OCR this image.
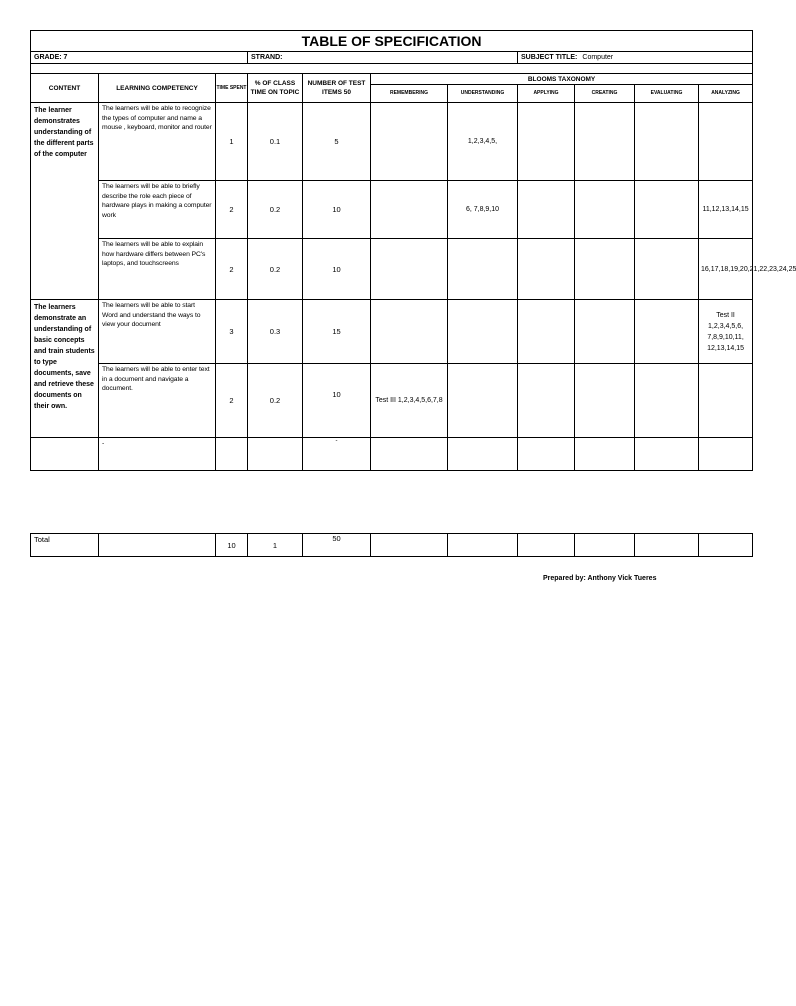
TABLE OF SPECIFICATION										
GRADE: 7			STRAND:				SUBJECT TITLE: Computer			

CONTENT	LEARNING COMPETENCY	TIME SPENT	% OF CLASS TIME ON TOPIC	NUMBER OF TEST ITEMS 50	BLOOMS TAXONOMY					
					REMEMBERING	UNDERSTANDING	APPLYING	CREATING	EVALUATING	ANALYZING
The learner demonstrates understanding of the different parts of the computer	The learners will be able to recognize the types of computer and name a mouse , keyboard, monitor and router	1	0.1	5		1,2,3,4,5,				
	The learners will be able to briefly describe the role each piece of hardware plays in making a computer work	2	0.2	10		6, 7,8,9,10				11,12,13,14,15
	The learners will be able to explain how hardware differs between PC's laptops, and touchscreens	2	0.2	10						16,17,18,19,20,21,22,23,24,25
The learners demonstrate an understanding of basic concepts and train students to type documents, save and retrieve these documents on their own.	The learners will be able to start Word and understand the ways to view your document	3	0.3	15						Test II 1,2,3,4,5,6, 7,8,9,10,11, 12,13,14,15
	The learners will be able to enter text in a document and navigate a document.	2	0.2	10	Test III 1,2,3,4,5,6,7,8					
	-			-						
Total		10	1	50						
Prepared by: Anthony Vick Tueres
